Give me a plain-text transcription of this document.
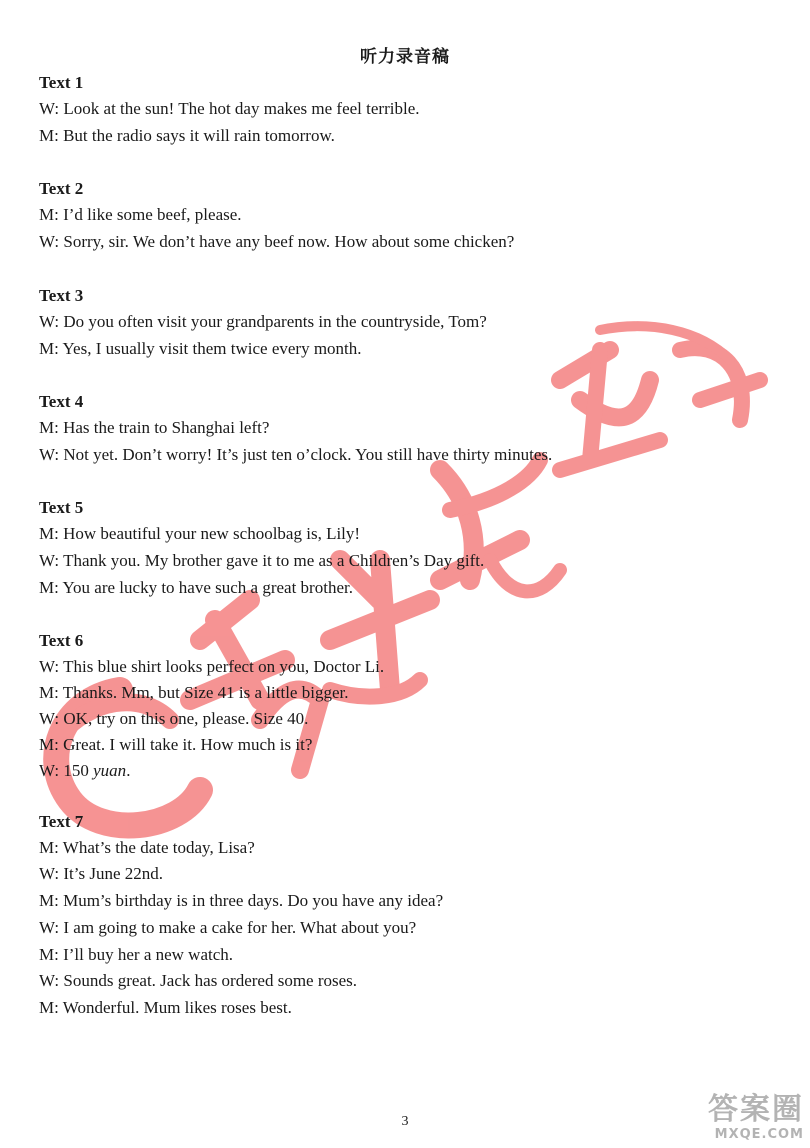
听力录音稿
Text 1
W: Look at the sun! The hot day makes me feel terrible.
M: But the radio says it will rain tomorrow.
Text 2
M: I’d like some beef, please.
W: Sorry, sir. We don’t have any beef now. How about some chicken?
Text 3
W: Do you often visit your grandparents in the countryside, Tom?
M: Yes, I usually visit them twice every month.
Text 4
M: Has the train to Shanghai left?
W: Not yet. Don’t worry! It’s just ten o’clock. You still have thirty minutes.
Text 5
M: How beautiful your new schoolbag is, Lily!
W: Thank you. My brother gave it to me as a Children’s Day gift.
M: You are lucky to have such a great brother.
Text 6
W: This blue shirt looks perfect on you, Doctor Li.
M: Thanks. Mm, but Size 41 is a little bigger.
W: OK, try on this one, please. Size 40.
M: Great. I will take it. How much is it?
W: 150 yuan.
Text 7
M: What’s the date today, Lisa?
W: It’s June 22nd.
M: Mum’s birthday is in three days. Do you have any idea?
W: I am going to make a cake for her. What about you?
M: I’ll buy her a new watch.
W: Sounds great. Jack has ordered some roses.
M: Wonderful. Mum likes roses best.
3	答案圈
MXQE.COM
